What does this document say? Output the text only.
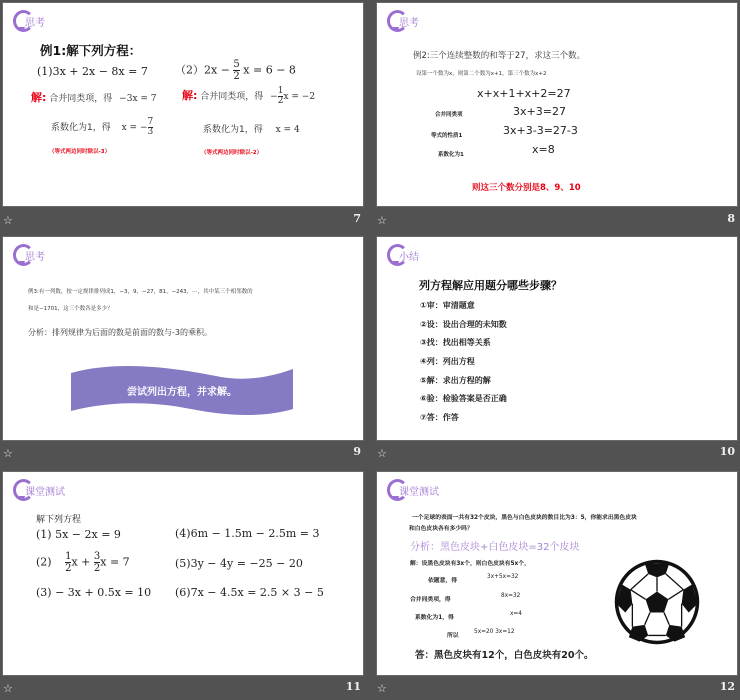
思考
例1:解下列方程：
(1)3x + 2x − 8x = 7 $(2)2x - \frac{5}{2}$ x = 6 − 8
解: 合并同类项，得 −3x = 7 解: 合并同类项，得 − $\frac{1}{2}$ x = −2
系数化为1，得 x = − $\frac{7}{3}$	系数化为1，得 x = 4
（等式两边同时除以-3）	（等式两边同时除以-2）
☆	7
思考
例2:三个连续整数的和等于27，求这三个数。
设第一个数为x，则第二个数为x+1，第三个数为x+2
x+x+1+x+2=27
合并同类项	3x+3=27
等式的性质1	3x+3-3=27-3
系数化为1	x=8
则这三个数分别是8、9、10
☆	8
思考
例3:有一列数，按一定规律排列成1，−3，9，−27，81，−243，⋯，其中某三个相邻数的
和是−1701，这三个数各是多少？
分析：排列规律为后面的数是前面的数与-3的乘积。
尝试列出方程，并求解。
☆	9
小结
列方程解应用题分哪些步骤？
①审：审清题意
②设：设出合理的未知数
③找：找出相等关系
④列：列出方程
⑤解：求出方程的解
⑥验：检验答案是否正确
⑦答：作答
☆	10
课堂测试
解下列方程
(1) 5x − 2x = 9
$(2) \frac{1}{2}$ $x + \frac{3}{2}$ x = 7
(3) − 3x + 0.5x = 10
(4)6m − 1.5m − 2.5m = 3
(5)3y − 4y = −25 − 20
(6)7x − 4.5x = 2.5 × 3 − 5
☆	11
课堂测试
一个足球的表面一共有32个皮块，黑色与白色皮块的数目比为3：5，你能求出黑色皮块
和白色皮块各有多少吗？
分析：黑色皮块+白色皮块=32个皮块
解：设黑色皮块有3x个，则白色皮块有5x个，
依题意，得
3x+5x=32
合并同类项，得
8x=32
系数化为1，得
x=4
所以
5x=20 3x=12
答：黑色皮块有12个，白色皮块有20个。
☆	12
